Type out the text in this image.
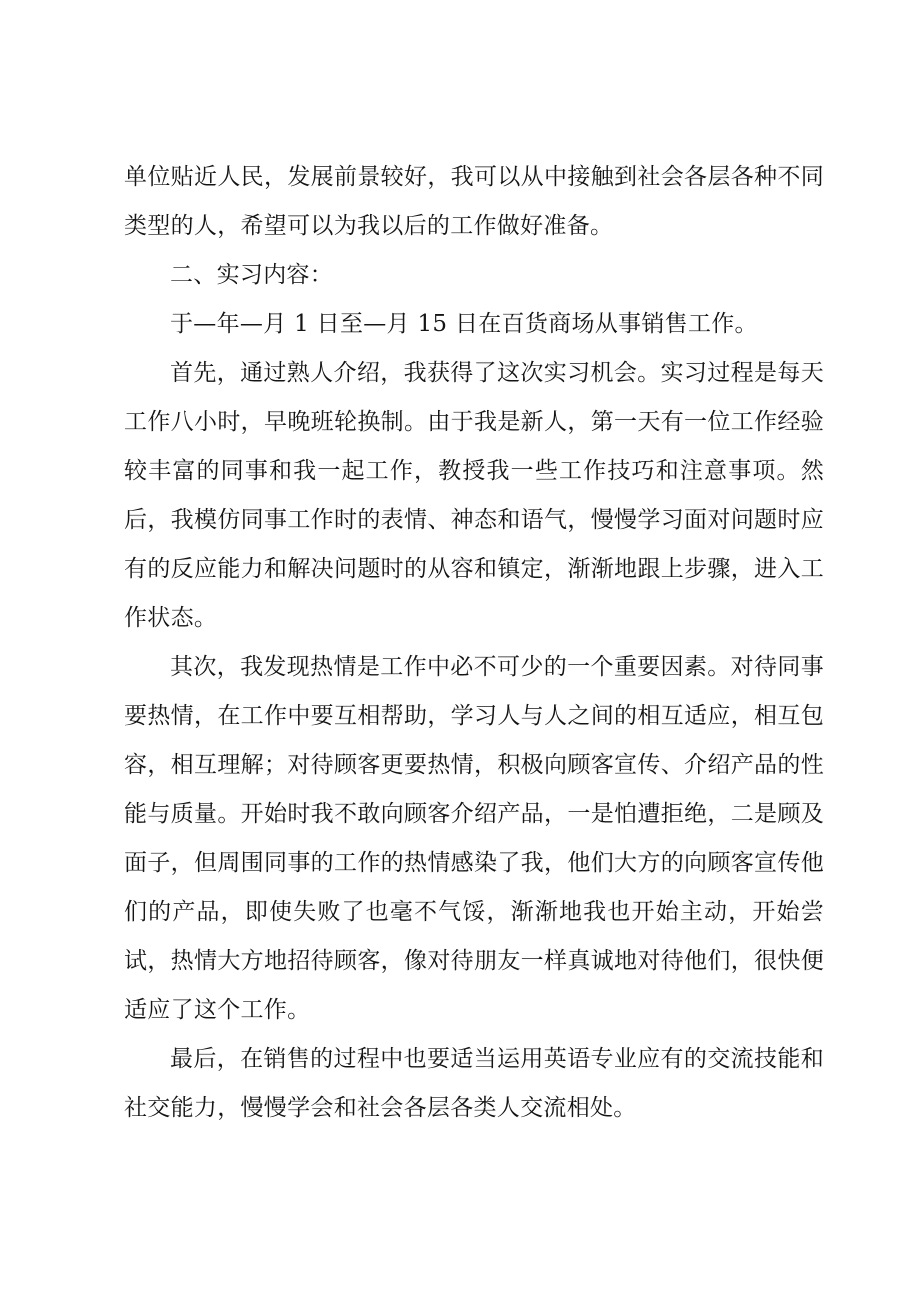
单位贴近人民，发展前景较好，我可以从中接触到社会各层各种不同类型的人，希望可以为我以后的工作做好准备。

二、实习内容：

于—年—月 1 日至—月 15 日在百货商场从事销售工作。

首先，通过熟人介绍，我获得了这次实习机会。实习过程是每天工作八小时，早晚班轮换制。由于我是新人，第一天有一位工作经验较丰富的同事和我一起工作，教授我一些工作技巧和注意事项。然后，我模仿同事工作时的表情、神态和语气，慢慢学习面对问题时应有的反应能力和解决问题时的从容和镇定，渐渐地跟上步骤，进入工作状态。

其次，我发现热情是工作中必不可少的一个重要因素。对待同事要热情，在工作中要互相帮助，学习人与人之间的相互适应，相互包容，相互理解；对待顾客更要热情，积极向顾客宣传、介绍产品的性能与质量。开始时我不敢向顾客介绍产品，一是怕遭拒绝，二是顾及面子，但周围同事的工作的热情感染了我，他们大方的向顾客宣传他们的产品，即使失败了也毫不气馁，渐渐地我也开始主动，开始尝试，热情大方地招待顾客，像对待朋友一样真诚地对待他们，很快便适应了这个工作。

最后，在销售的过程中也要适当运用英语专业应有的交流技能和社交能力，慢慢学会和社会各层各类人交流相处。
